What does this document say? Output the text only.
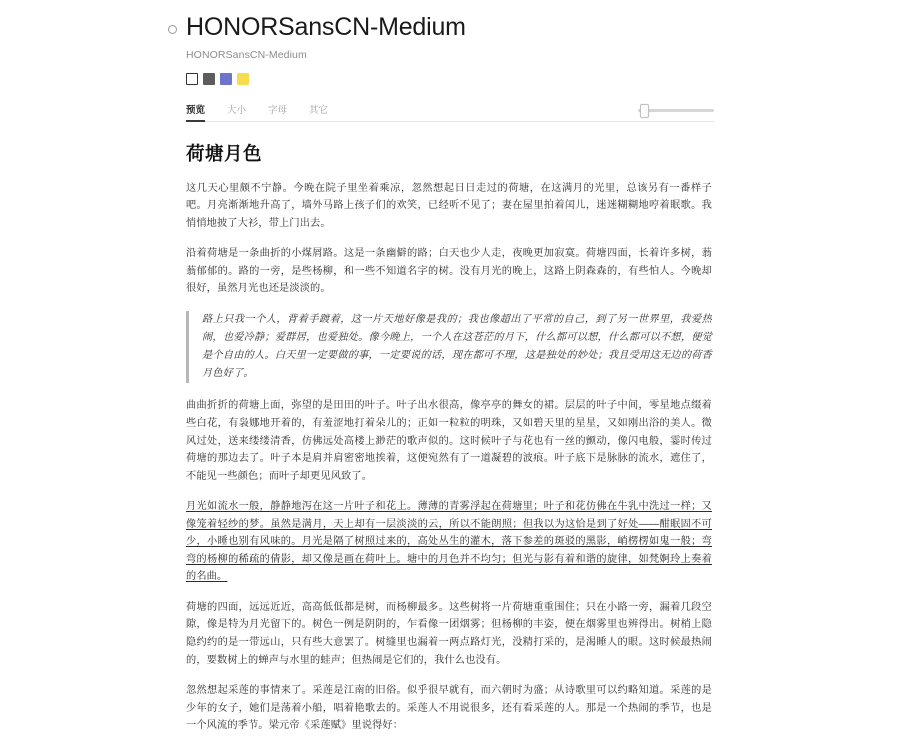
HONORSansCN-Medium
HONORSansCN-Medium
预览	大小	字母	其它
荷塘月色

这几天心里颇不宁静。今晚在院子里坐着乘凉，忽然想起日日走过的荷塘，在这满月的光里，总该另有一番样子吧。月亮渐渐地升高了，墙外马路上孩子们的欢笑，已经听不见了；妻在屋里拍着闰儿，迷迷糊糊地哼着眠歌。我悄悄地披了大衫，带上门出去。

沿着荷塘是一条曲折的小煤屑路。这是一条幽僻的路；白天也少人走，夜晚更加寂寞。荷塘四面，长着许多树，蓊蓊郁郁的。路的一旁，是些杨柳，和一些不知道名字的树。没有月光的晚上，这路上阴森森的，有些怕人。今晚却很好，虽然月光也还是淡淡的。

路上只我一个人，背着手踱着，这一片天地好像是我的；我也像超出了平常的自己，到了另一世界里，我爱热闹，也爱冷静；爱群居，也爱独处。像今晚上，一个人在这苍茫的月下，什么都可以想，什么都可以不想，便觉是个自由的人。白天里一定要做的事，一定要说的话，现在都可不理，这是独处的妙处；我且受用这无边的荷香月色好了。

曲曲折折的荷塘上面，弥望的是田田的叶子。叶子出水很高，像亭亭的舞女的裙。层层的叶子中间，零星地点缀着些白花，有袅娜地开着的，有羞涩地打着朵儿的；正如一粒粒的明珠，又如碧天里的星星，又如刚出浴的美人。微风过处，送来缕缕清香，仿佛远处高楼上渺茫的歌声似的。这时候叶子与花也有一丝的颤动，像闪电般，霎时传过荷塘的那边去了。叶子本是肩并肩密密地挨着，这便宛然有了一道凝碧的波痕。叶子底下是脉脉的流水，遮住了，不能见一些颜色；而叶子却更见风致了。

月光如流水一般，静静地泻在这一片叶子和花上。薄薄的青雾浮起在荷塘里；叶子和花仿佛在牛乳中洗过一样；又像笼着轻纱的梦。虽然是满月，天上却有一层淡淡的云，所以不能朗照；但我以为这恰是到了好处——酣眠固不可少，小睡也别有风味的。月光是隔了树照过来的，高处丛生的灌木，落下参差的斑驳的黑影，峭楞楞如鬼一般；弯弯的杨柳的稀疏的倩影，却又像是画在荷叶上。塘中的月色并不均匀；但光与影有着和谐的旋律，如梵婀玲上奏着的名曲。

荷塘的四面，远远近近，高高低低都是树，而杨柳最多。这些树将一片荷塘重重围住；只在小路一旁，漏着几段空隙，像是特为月光留下的。树色一例是阴阴的，乍看像一团烟雾；但杨柳的丰姿，便在烟雾里也辨得出。树梢上隐隐约约的是一带远山，只有些大意罢了。树缝里也漏着一两点路灯光，没精打采的，是渴睡人的眼。这时候最热闹的，要数树上的蝉声与水里的蛙声；但热闹是它们的，我什么也没有。

忽然想起采莲的事情来了。采莲是江南的旧俗。似乎很早就有，而六朝时为盛；从诗歌里可以约略知道。采莲的是少年的女子，她们是荡着小船，唱着艳歌去的。采莲人不用说很多，还有看采莲的人。那是一个热闹的季节，也是一个风流的季节。梁元帝《采莲赋》里说得好：
